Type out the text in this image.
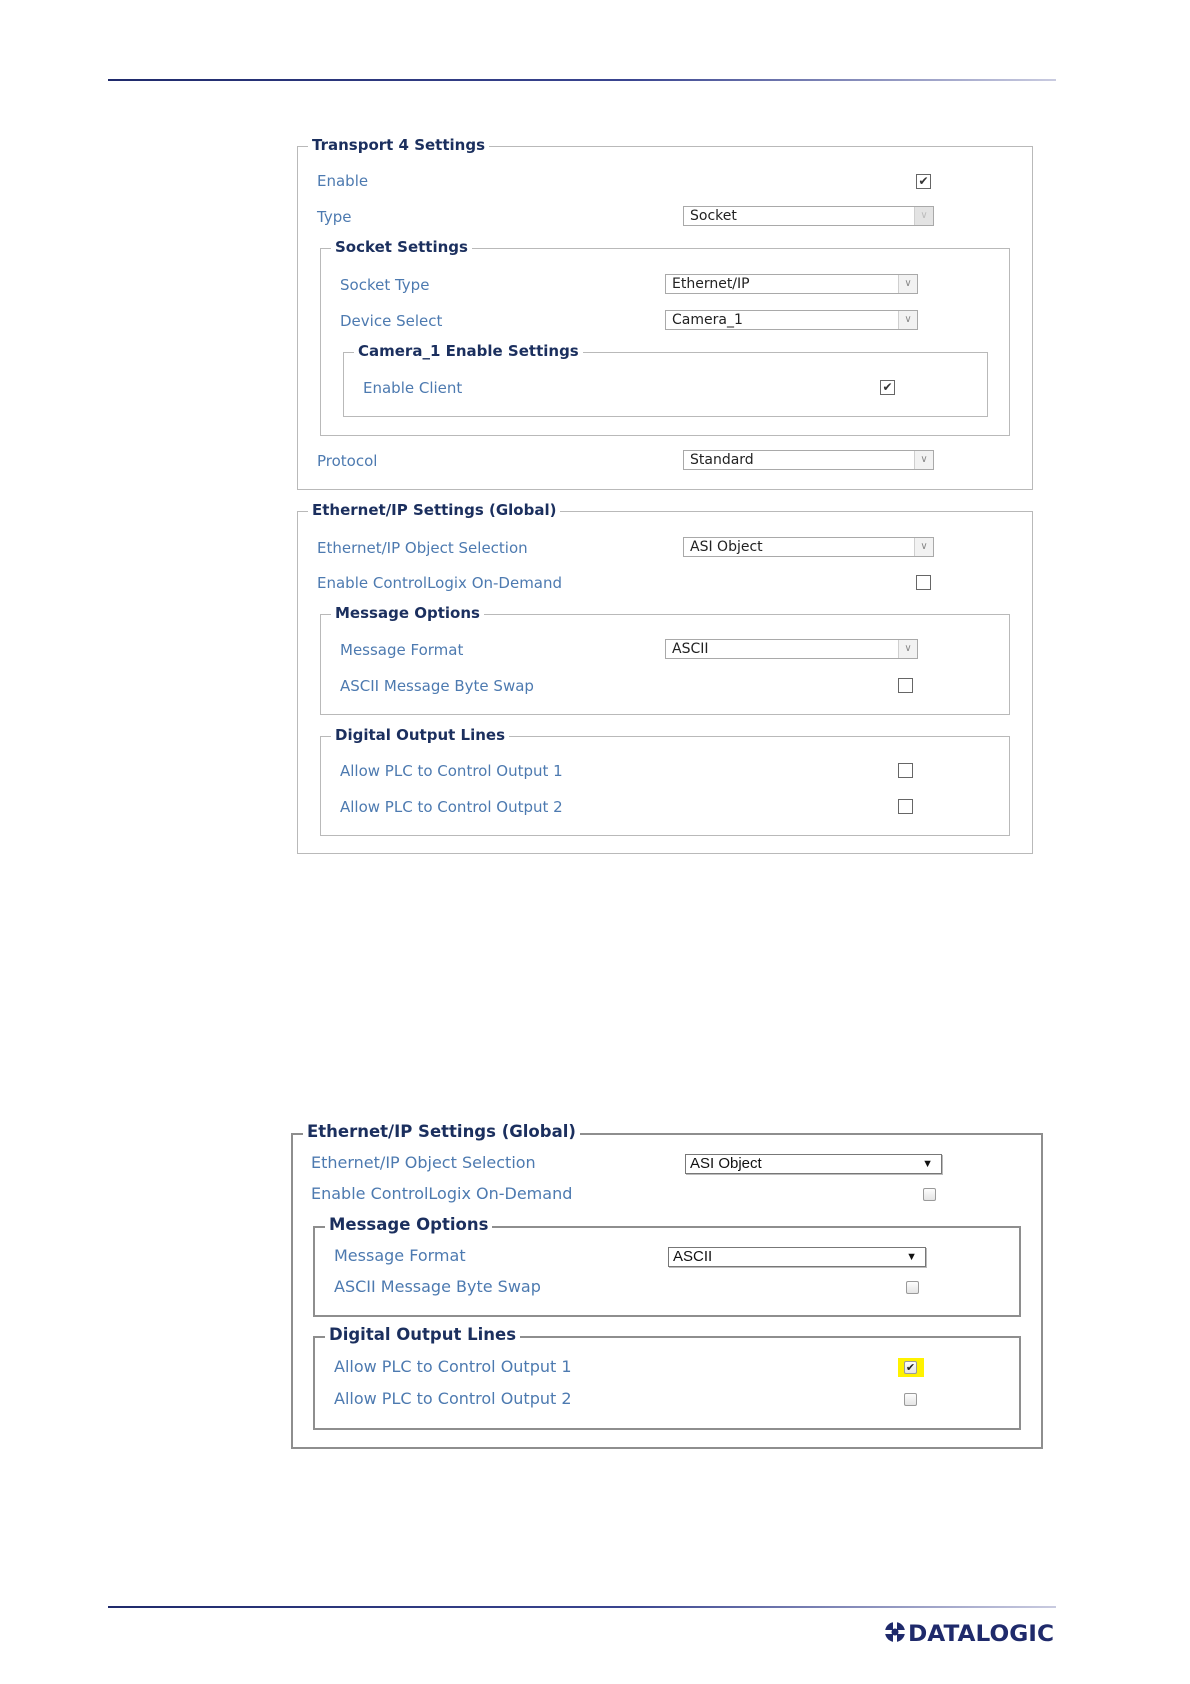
Transport 4 Settings
Enable	✔
Type	Socket	∨
Socket Settings
Socket Type	Ethernet/IP	∨
Device Select	Camera_1	∨
Camera_1 Enable Settings
Enable Client	✔
Protocol	Standard	∨
Ethernet/IP Settings (Global)
Ethernet/IP Object Selection	ASI Object	∨
Enable ControlLogix On-Demand
Message Options
Message Format	ASCII	∨
ASCII Message Byte Swap
Digital Output Lines
Allow PLC to Control Output 1
Allow PLC to Control Output 2
Ethernet/IP Settings (Global)
Ethernet/IP Object Selection	ASI Object	▼
Enable ControlLogix On-Demand
Message Options
Message Format	ASCII	▼
ASCII Message Byte Swap
Digital Output Lines
Allow PLC to Control Output 1	✔
Allow PLC to Control Output 2
DATALOGIC
